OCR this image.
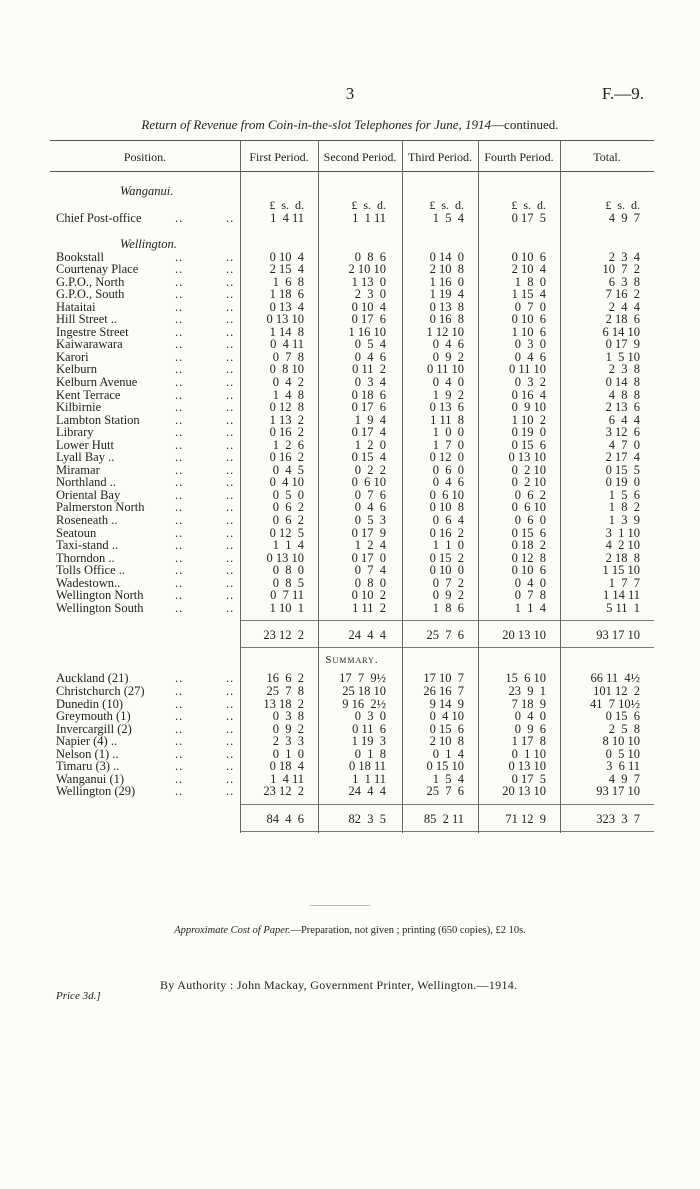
3	F.—9.
Return of Revenue from Coin-in-the-slot Telephones for June, 1914—continued.
Position.	First Period.	Second Period. Third Period.	Fourth Period.	Total.
Wanganui.
£  s.  d.	£  s.  d.	£  s.  d.	£  s.  d.	£  s.  d.
Chief Post-office	..	..	1  4 11	1  1 11	1  5  4	0 17  5	4  9  7
Wellington.
Bookstall	..	..	0 10  4	0  8  6	0 14  0	0 10  6	2  3  4
Courtenay Place	..	..	2 15  4	2 10 10	2 10  8	2 10  4	10  7  2
G.P.O., North	..	..	1  6  8	1 13  0	1 16  0	1  8  0	6  3  8
G.P.O., South	..	..	1 18  6	2  3  0	1 19  4	1 15  4	7 16  2
Hataitai	..	..	0 13  4	0 10  4	0 13  8	0  7  0	2  4  4
Hill Street ..	..	..	0 13 10	0 17  6	0 16  8	0 10  6	2 18  6
Ingestre Street	..	..	1 14  8	1 16 10	1 12 10	1 10  6	6 14 10
Kaiwarawara	..	..	0  4 11	0  5  4	0  4  6	0  3  0	0 17  9
Karori	..	..	0  7  8	0  4  6	0  9  2	0  4  6	1  5 10
Kelburn	..	..	0  8 10	0 11  2	0 11 10	0 11 10	2  3  8
Kelburn Avenue	..	..	0  4  2	0  3  4	0  4  0	0  3  2	0 14  8
Kent Terrace	..	..	1  4  8	0 18  6	1  9  2	0 16  4	4  8  8
Kilbirnie	..	..	0 12  8	0 17  6	0 13  6	0  9 10	2 13  6
Lambton Station	..	..	1 13  2	1  9  4	1 11  8	1 10  2	6  4  4
Library	..	..	0 16  2	0 17  4	1  0  0	0 19  0	3 12  6
Lower Hutt	..	..	1  2  6	1  2  0	1  7  0	0 15  6	4  7  0
Lyall Bay ..	..	..	0 16  2	0 15  4	0 12  0	0 13 10	2 17  4
Miramar	..	..	0  4  5	0  2  2	0  6  0	0  2 10	0 15  5
Northland ..	..	..	0  4 10	0  6 10	0  4  6	0  2 10	0 19  0
Oriental Bay	..	..	0  5  0	0  7  6	0  6 10	0  6  2	1  5  6
Palmerston North ..	..	0  6  2	0  4  6	0 10  8	0  6 10	1  8  2
Roseneath ..	..	..	0  6  2	0  5  3	0  6  4	0  6  0	1  3  9
Seatoun	..	..	0 12  5	0 17  9	0 16  2	0 15  6	3  1 10
Taxi-stand ..	..	..	1  1  4	1  2  4	1  1  0	0 18  2	4  2 10
Thorndon ..	..	..	0 13 10	0 17  0	0 15  2	0 12  8	2 18  8
Tolls Office ..	..	..	0  8  0	0  7  4	0 10  0	0 10  6	1 15 10
Wadestown..	..	..	0  8  5	0  8  0	0  7  2	0  4  0	1  7  7
Wellington North	..	..	0  7 11	0 10  2	0  9  2	0  7  8	1 14 11
Wellington South	..	..	1 10  1	1 11  2	1  8  6	1  1  4	5 11  1
23 12  2	24  4  4	25  7  6	20 13 10	93 17 10
Summary.
Auckland (21)	..	..	16  6  2	17  7  9½	17 10  7	15  6 10	66 11  4½
Christchurch (27) ..	..	25  7  8	25 18 10	26 16  7	23  9  1	101 12  2
Dunedin (10)	..	.. 13 18  2	9 16  2½	9 14  9	7 18  9	41  7 10½
Greymouth (1)	..	..	0  3  8	0  3  0	0  4 10	0  4  0	0 15  6
Invercargill (2)	..	..	0  9  2	0 11  6	0 15  6	0  9  6	2  5  8
Napier (4) ..	..	..	2  3  3	1 19  3	2 10  8	1 17  8	8 10 10
Nelson (1) ..	..	..	0  1  0	0  1  8	0  1  4	0  1 10	0  5 10
Timaru (3) ..	..	..	0 18  4	0 18 11	0 15 10	0 13 10	3  6 11
Wanganui (1)	..	..	1  4 11	1  1 11	1  5  4	0 17  5	4  9  7
Wellington (29)	..	.. 23 12  2	24  4  4	25  7  6	20 13 10	93 17 10
84  4  6	82  3  5	85  2 11	71 12  9	323  3  7
Approximate Cost of Paper.—Preparation, not given ; printing (650 copies), £2 10s.
By Authority : John Mackay, Government Printer, Wellington.—1914.
Price 3d.]
